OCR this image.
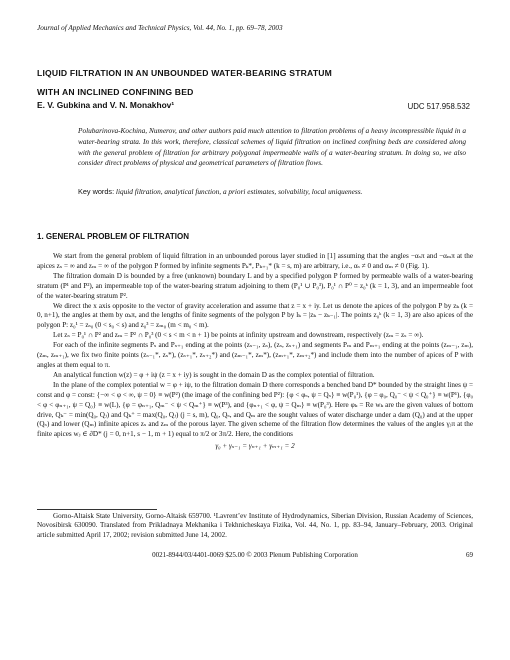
Journal of Applied Mechanics and Technical Physics, Vol. 44, No. 1, pp. 69–78, 2003
LIQUID FILTRATION IN AN UNBOUNDED WATER-BEARING STRATUM
WITH AN INCLINED CONFINING BED
E. V. Gubkina and V. N. Monakhov¹	UDC 517.958.532
Polubarinova-Kochina, Numerov, and other authors paid much attention to filtration problems of a heavy incompressible liquid in a water-bearing strata. In this work, therefore, classical schemes of liquid filtration on inclined confining beds are considered along with the general problem of filtration for arbitrary polygonal impermeable walls of a water-bearing stratum. In doing so, we also consider direct problems of physical and geometrical parameters of filtration flows.
Key words: liquid filtration, analytical function, a priori estimates, solvability, local uniqueness.
1. GENERAL PROBLEM OF FILTRATION

We start from the general problem of liquid filtration in an unbounded porous layer studied in [1] assuming that the angles −αₛπ and −αₘπ at the apices zₛ = ∞ and zₘ = ∞ of the polygon P formed by infinite segments Pₖ*, Pₖ₊₁* (k = s, m) are arbitrary, i.e., αₛ ≠ 0 and αₘ ≠ 0 (Fig. 1).

The filtration domain D is bounded by a free (unknown) boundary L and by a specified polygon P formed by permeable walls of a water-bearing stratum (P¹ and P²), an impermeable top of the water-bearing stratum adjoining to them (P₀¹ ∪ P₀³), P₀¹ ∩ P⁰ = z₀ᵏ (k = 1, 3), and an impermeable foot of the water-bearing stratum P².

We direct the x axis opposite to the vector of gravity acceleration and assume that z = x + iy. Let us denote the apices of the polygon P by zₖ (k = 0, n+1), the angles at them by αₖπ, and the lengths of finite segments of the polygon P by lₖ = |zₖ − zₖ₋₁|. The points z₀ᵏ (k = 1, 3) are also apices of the polygon P: z₀¹ = zₛ₀ (0 < s₀ < s) and z₀³ = zₘ₀ (m < m₀ < m).

Let zₛ = P₀¹ ∩ P² and zₘ = P² ∩ P₀³ (0 < s < m < n + 1) be points at infinity upstream and downstream, respectively (zₘ = zₛ = ∞).

For each of the infinite segments Pₛ and Pₛ₊₁ ending at the points (zₛ₋₁, zₛ), (zₛ, zₛ₊₁) and segments Pₘ and Pₘ₊₁ ending at the points (zₘ₋₁, zₘ), (zₘ, zₘ₊₁), we fix two finite points (zₛ₋₁*, zₛ*), (zₛ₊₁*, zₛ₊₂*) and (zₘ₋₁*, zₘ*), (zₘ₊₁*, zₘ₊₂*) and include them into the number of apices of P with angles at them equal to π.

An analytical function w(z) = φ + iψ (z = x + iy) is sought in the domain D as the complex potential of filtration.

In the plane of the complex potential w = φ + iψ, to the filtration domain D there corresponds a benched band D* bounded by the straight lines ψ = const and φ = const: {−∞ < φ < ∞, ψ = 0} ≡ w(P²) (the image of the confining bed P²): {φ < φₛ, ψ = Qₛ} ≡ w(P₀¹), {φ = φ₀, Q₀⁻ < ψ < Q₀⁺} ≡ w(P¹), {φ₀ < φ < φₙ₊₁, ψ = Q₀} ≡ w(L), {φ = φₙ₊₁, Qₘ⁻ < ψ < Qₘ⁺} ≡ w(P³), and {φₙ₊₁ < φ, ψ = Qₘ} ≡ w(P₀³). Here φₖ = Re wₖ are the given values of bottom drive, Qₖ⁻ = min(Q₀, Qⱼ) and Qₖ⁺ = max(Q₀, Qⱼ) (j = s, m), Q₀, Qₛ, and Qₘ are the sought values of water discharge under a dam (Q₀) and at the upper (Qₛ) and lower (Qₘ) infinite apices zₛ and zₘ of the porous layer. The given scheme of the filtration flow determines the values of the angles γⱼπ at the finite apices wⱼ ∈ ∂D* (j = 0, n+1, s − 1, m + 1) equal to π/2 or 3π/2. Here, the conditions

γ₀ + γₛ₋₁ = γₙ₊₁ + γₘ₊₁ = 2

Gorno-Altaisk State University, Gorno-Altaisk 659700. ¹Lavrent’ev Institute of Hydrodynamics, Siberian Division, Russian Academy of Sciences, Novosibirsk 630090. Translated from Prikladnaya Mekhanika i Tekhnicheskaya Fizika, Vol. 44, No. 1, pp. 83–94, January–February, 2003. Original article submitted April 17, 2002; revision submitted June 14, 2002.
0021-8944/03/4401-0069 $25.00 © 2003 Plenum Publishing Corporation	69
